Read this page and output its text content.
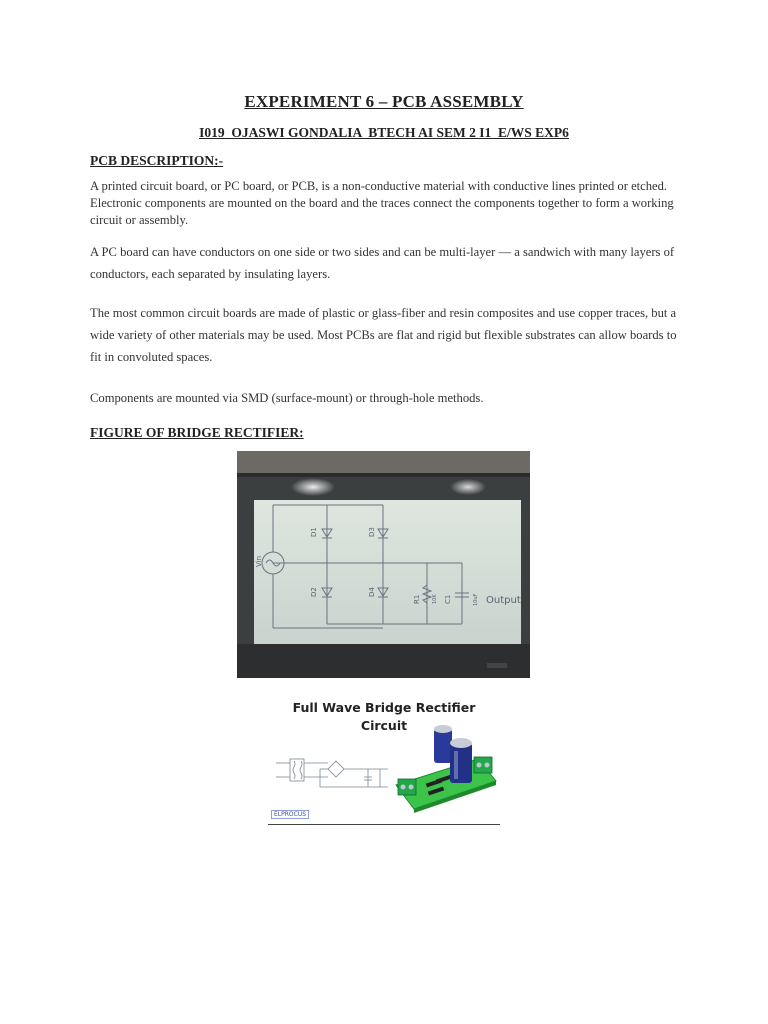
EXPERIMENT 6 – PCB ASSEMBLY
I019  OJASWI GONDALIA  BTECH AI SEM 2 I1  E/WS EXP6
PCB DESCRIPTION:-
A printed circuit board, or PC board, or PCB, is a non-conductive material with conductive lines printed or etched. Electronic components are mounted on the board and the traces connect the components together to form a working circuit or assembly.
A PC board can have conductors on one side or two sides and can be multi-layer — a sandwich with many layers of conductors, each separated by insulating layers.
The most common circuit boards are made of plastic or glass-fiber and resin composites and use copper traces, but a wide variety of other materials may be used. Most PCBs are flat and rigid but flexible substrates can allow boards to fit in convoluted spaces.
Components are mounted via SMD (surface-mount) or through-hole methods.
FIGURE OF BRIDGE RECTIFIER:
Vin
D1	D3
D2	D4
R1 10K C1	10uF Output
Full Wave Bridge Rectifier
Circuit
ELPROCUS
